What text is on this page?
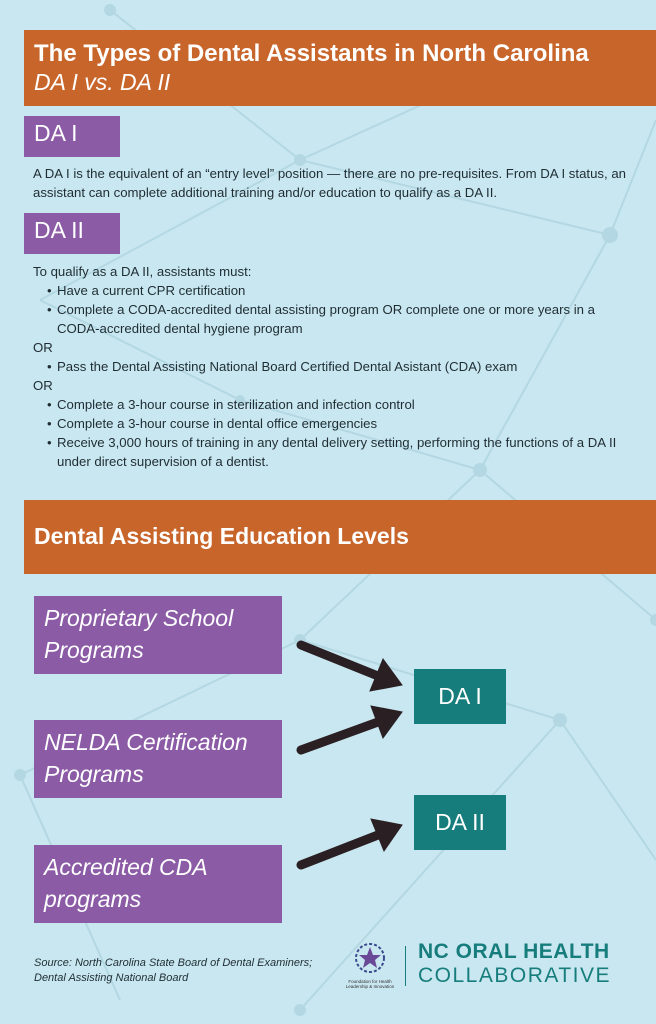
The Types of Dental Assistants in North Carolina
DA I vs. DA II
DA I
A DA I is the equivalent of an “entry level” position — there are no pre-requisites. From DA I status, an assistant can complete additional training and/or education to qualify as a DA II.
DA II
To qualify as a DA II, assistants must:
• Have a current CPR certification
• Complete a CODA-accredited dental assisting program OR complete one or more years in a CODA-accredited dental hygiene program

OR

• Pass the Dental Assisting National Board Certified Dental Asistant (CDA) exam

OR

• Complete a 3-hour course in sterilization and infection control
• Complete a 3-hour course in dental office emergencies
• Receive 3,000 hours of training in any dental delivery setting, performing the functions of a DA II under direct supervision of a dentist.
Dental Assisting Education Levels
Proprietary School Programs
NELDA Certification Programs
Accredited CDA programs
DA I
DA II
Source: North Carolina State Board of Dental Examiners;
Dental Assisting National Board	Foundation for Health Leadership & Innovation
NC ORAL HEALTH
COLLABORATIVE
